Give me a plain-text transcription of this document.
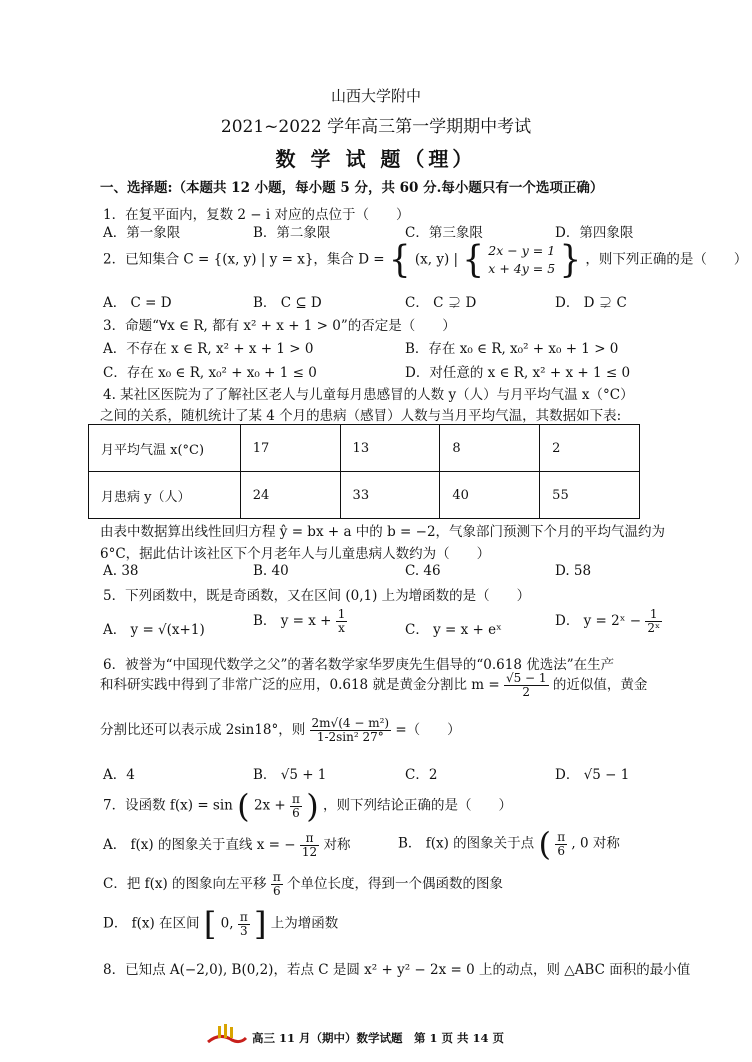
山西大学附中
2021~2022 学年高三第一学期期中考试
数 学 试 题（理）
一、选择题:（本题共 12 小题，每小题 5 分，共 60 分.每小题只有一个选项正确）
1．在复平面内，复数 2 − i 对应的点位于（　　）
A．第一象限	B．第二象限	C．第三象限	D．第四象限
2．已知集合 C = {(x, y) | y = x}，集合 D = { (x, y) | { 2x − y = 1
x + 4y = 5 } ，则下列正确的是（　　）
A． C = D	B． C ⊆ D	C． C ⊋ D	D． D ⊋ C
3．命题“∀x ∈ R, 都有 x² + x + 1 > 0”的否定是（　　）
A．不存在 x ∈ R, x² + x + 1 > 0	B．存在 x₀ ∈ R, x₀² + x₀ + 1 > 0
C．存在 x₀ ∈ R, x₀² + x₀ + 1 ≤ 0	D．对任意的 x ∈ R, x² + x + 1 ≤ 0
4. 某社区医院为了了解社区老人与儿童每月患感冒的人数 y（人）与月平均气温 x（°C）
之间的关系，随机统计了某 4 个月的患病（感冒）人数与当月平均气温，其数据如下表:
月平均气温 x(°C)	17	13	8	2
月患病 y（人）	24	33	40	55
由表中数据算出线性回归方程 ŷ = bx + a 中的 b = −2，气象部门预测下个月的平均气温约为
6°C，据此估计该社区下个月老年人与儿童患病人数约为（　　）
A. 38	B. 40	C. 46	D. 58
5．下列函数中，既是奇函数，又在区间 (0,1) 上为增函数的是（　　）
A． y = √(x+1)
B． $y = x + \frac{1}{x}$	C． y = x + eˣ
D． y = 2ˣ − $\frac{1}{\text{2ˣ}}$
6．被誉为“中国现代数学之父”的著名数学家华罗庚先生倡导的“0.618 优选法”在生产
和科研实践中得到了非常广泛的应用，0.618 就是黄金分割比 $m = \frac{√5 - 1}{2}$ 的近似值，黄金
分割比还可以表示成 2sin18°，则 $\frac{\text{2m√(4 − m²)}}{\text{1-2sin² 27°}}$ =（　　）
A．4	B． √5 + 1	C．2	D． √5 − 1
7．设函数 f(x) = sin ( $2x + \frac{\pi}{6}$ ) ，则下列结论正确的是（　　）
A． f(x) 的图象关于直线 x = − $\frac{\pi}{12}$ 对称	B． f(x) 的图象关于点 ( $\frac{\pi}{6}$ , 0 对称
C．把 f(x) 的图象向左平移 $\frac{\pi}{6}$ 个单位长度，得到一个偶函数的图象
D． f(x) 在区间 [ 0, $\frac{\pi}{3}$ ] 上为增函数
8．已知点 A(−2,0), B(0,2)，若点 C 是圆 x² + y² − 2x = 0 上的动点，则 △ABC 面积的最小值
高三 11 月（期中）数学试题　第 1 页 共 14 页
